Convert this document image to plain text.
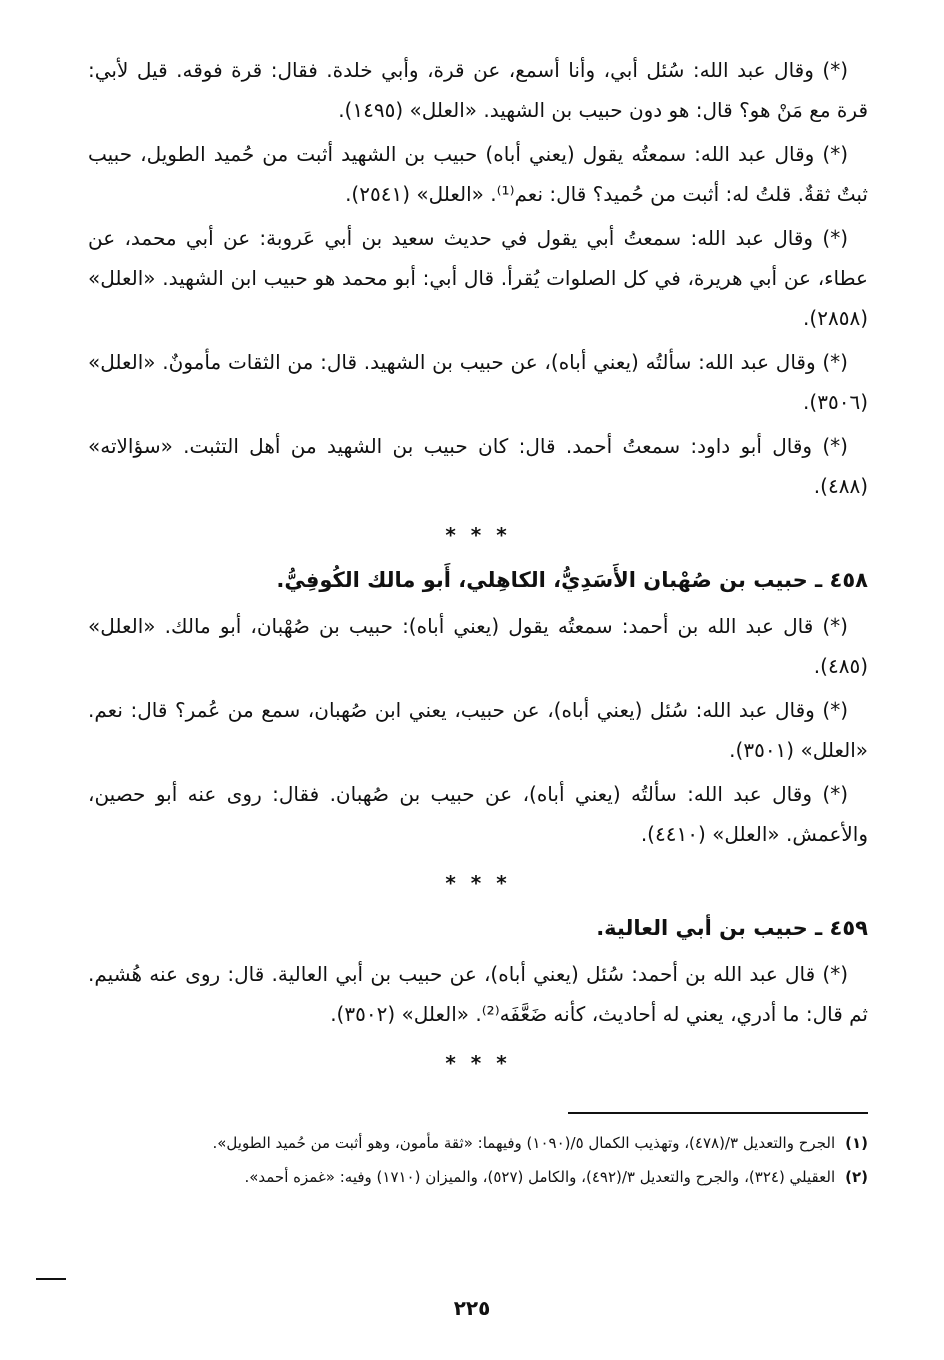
(*) وقال عبد الله: سُئل أبي، وأنا أسمع، عن قرة، وأبي خلدة. فقال: قرة فوقه. قيل لأبي: قرة مع مَنْ هو؟ قال: هو دون حبيب بن الشهيد. «العلل» (١٤٩٥).

(*) وقال عبد الله: سمعتُه يقول (يعني أباه) حبيب بن الشهيد أثبت من حُميد الطويل، حبيب ثبتٌ ثقةٌ. قلتُ له: أثبت من حُميد؟ قال: نعم⁽¹⁾. «العلل» (٢٥٤١).

(*) وقال عبد الله: سمعتُ أبي يقول في حديث سعيد بن أبي عَروبة: عن أبي محمد، عن عطاء، عن أبي هريرة، في كل الصلوات يُقرأ. قال أبي: أبو محمد هو حبيب ابن الشهيد. «العلل» (٢٨٥٨).

(*) وقال عبد الله: سألتُه (يعني أباه)، عن حبيب بن الشهيد. قال: من الثقات مأمونٌ. «العلل» (٣٥٠٦).

(*) وقال أبو داود: سمعتُ أحمد. قال: كان حبيب بن الشهيد من أهل التثبت. «سؤالاته» (٤٨٨).

* * *

٤٥٨ ـ حبيب بن صُهْبان الأَسَدِيُّ، الكاهِلي، أَبو مالك الكُوفِيُّ.

(*) قال عبد الله بن أحمد: سمعتُه يقول (يعني أباه): حبيب بن صُهْبان، أبو مالك. «العلل» (٤٨٥).

(*) وقال عبد الله: سُئل (يعني أباه)، عن حبيب، يعني ابن صُهبان، سمع من عُمر؟ قال: نعم. «العلل» (٣٥٠١).

(*) وقال عبد الله: سألتُه (يعني أباه)، عن حبيب بن صُهبان. فقال: روى عنه أبو حصين، والأعمش. «العلل» (٤٤١٠).

* * *

٤٥٩ ـ حبيب بن أبي العالية.

(*) قال عبد الله بن أحمد: سُئل (يعني أباه)، عن حبيب بن أبي العالية. قال: روى عنه هُشيم. ثم قال: ما أدري، يعني له أحاديث، كأنه ضَعَّفَه⁽²⁾. «العلل» (٣٥٠٢).

* * *
(١)
الجرح والتعديل ٣/(٤٧٨)، وتهذيب الكمال ٥/(١٠٩٠) وفيهما: «ثقة مأمون، وهو أثبت من حُميد الطويل».
(٢)
العقيلي (٣٢٤)، والجرح والتعديل ٣/(٤٩٢)، والكامل (٥٢٧)، والميزان (١٧١٠) وفيه: «غمزه أحمد».
٢٢٥
